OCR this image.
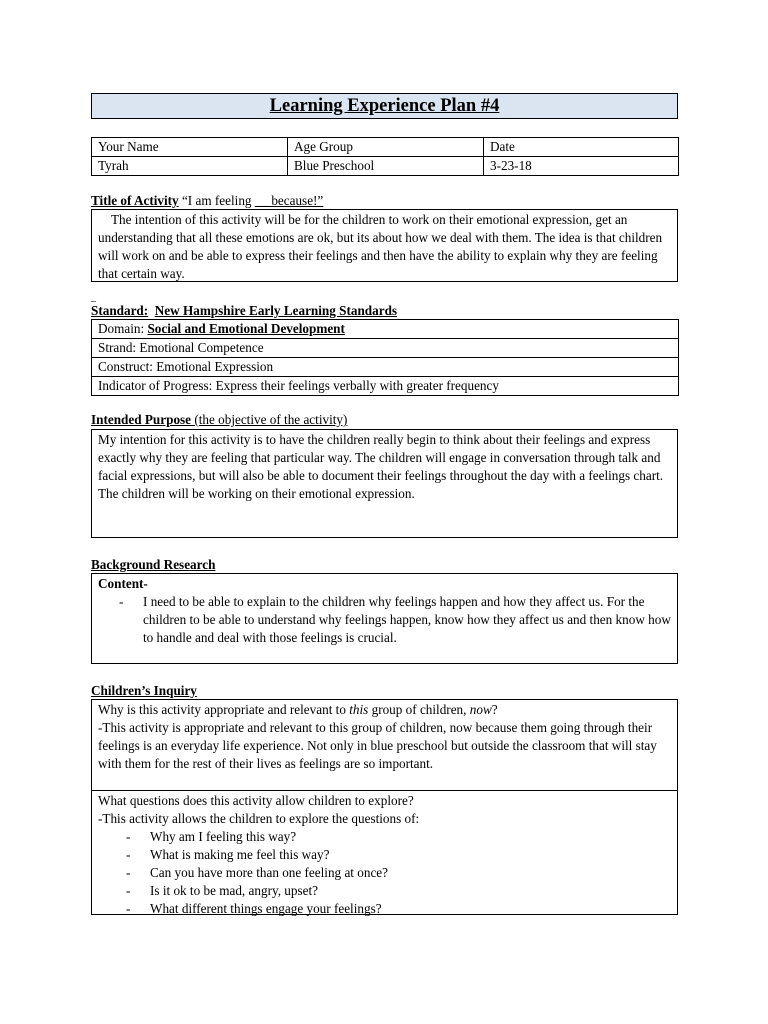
Learning Experience Plan #4
Your Name	Age Group	Date
Tyrah	Blue Preschool	3-23-18
Title of Activity “I am feeling __ because!”
The intention of this activity will be for the children to work on their emotional expression, get an understanding that all these emotions are ok, but its about how we deal with them. The idea is that children will work on and be able to express their feelings and then have the ability to explain why they are feeling that certain way.
_
Standard: New Hampshire Early Learning Standards
Domain: Social and Emotional Development
Strand: Emotional Competence
Construct: Emotional Expression
Indicator of Progress: Express their feelings verbally with greater frequency
Intended Purpose (the objective of the activity)
My intention for this activity is to have the children really begin to think about their feelings and express exactly why they are feeling that particular way. The children will engage in conversation through talk and facial expressions, but will also be able to document their feelings throughout the day with a feelings chart. The children will be working on their emotional expression.
Background Research
Content-
- I need to be able to explain to the children why feelings happen and how they affect us. For the children to be able to understand why feelings happen, know how they affect us and then know how to handle and deal with those feelings is crucial.
Children’s Inquiry
Why is this activity appropriate and relevant to this group of children, now?
-This activity is appropriate and relevant to this group of children, now because them going through their feelings is an everyday life experience. Not only in blue preschool but outside the classroom that will stay with them for the rest of their lives as feelings are so important.
What questions does this activity allow children to explore?
-This activity allows the children to explore the questions of:
- Why am I feeling this way?
- What is making me feel this way?
- Can you have more than one feeling at once?
- Is it ok to be mad, angry, upset?
- What different things engage your feelings?
